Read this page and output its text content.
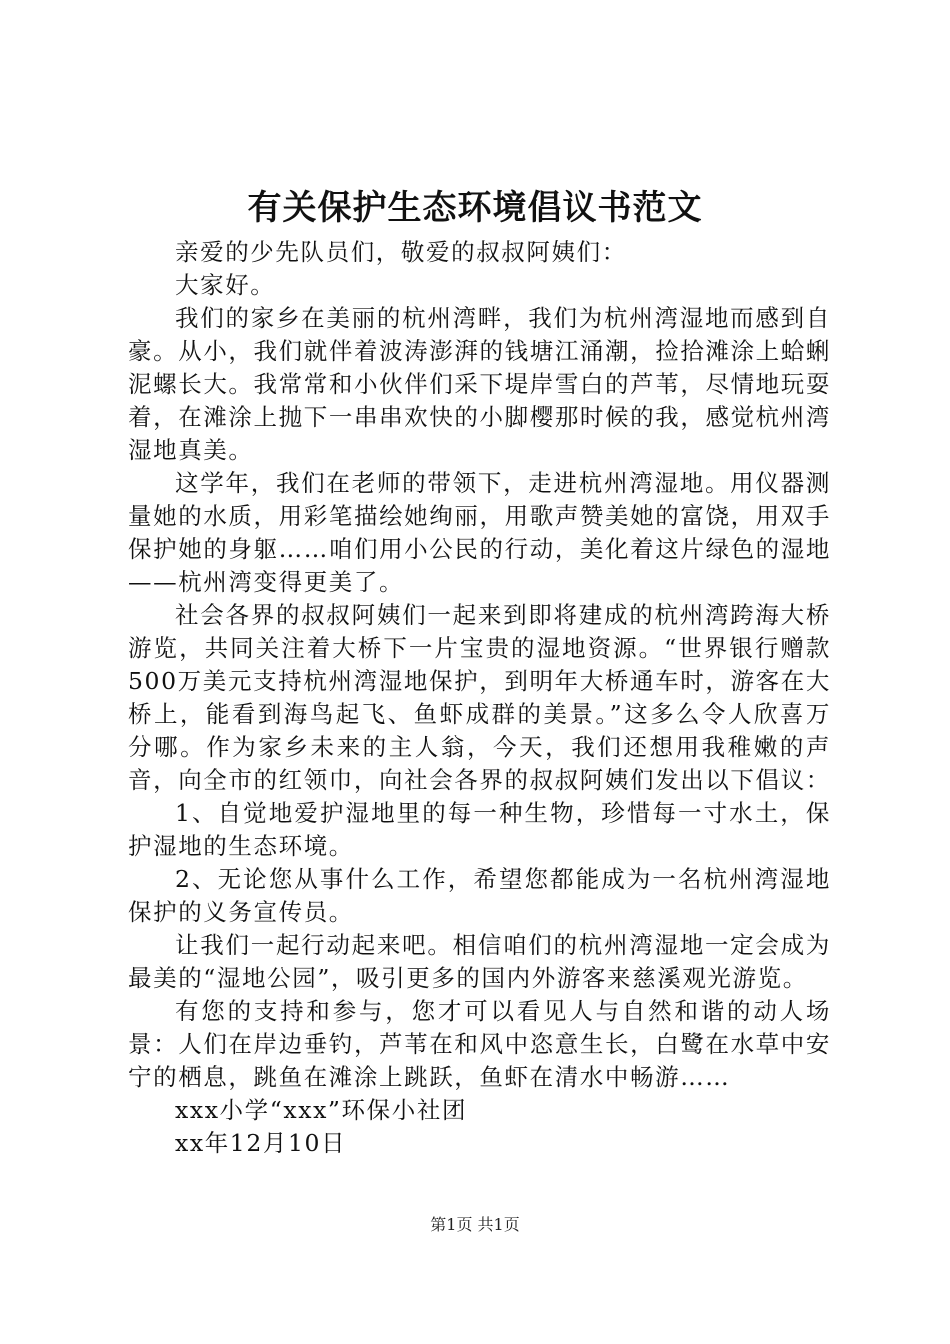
有关保护生态环境倡议书范文

亲爱的少先队员们，敬爱的叔叔阿姨们：

大家好。

我们的家乡在美丽的杭州湾畔，我们为杭州湾湿地而感到自豪。从小，我们就伴着波涛澎湃的钱塘江涌潮，捡拾滩涂上蛤蜊泥螺长大。我常常和小伙伴们采下堤岸雪白的芦苇，尽情地玩耍着，在滩涂上抛下一串串欢快的小脚樱那时候的我，感觉杭州湾湿地真美。

这学年，我们在老师的带领下，走进杭州湾湿地。用仪器测量她的水质，用彩笔描绘她绚丽，用歌声赞美她的富饶，用双手保护她的身躯……咱们用小公民的行动，美化着这片绿色的湿地——杭州湾变得更美了。

社会各界的叔叔阿姨们一起来到即将建成的杭州湾跨海大桥游览，共同关注着大桥下一片宝贵的湿地资源。“世界银行赠款500万美元支持杭州湾湿地保护，到明年大桥通车时，游客在大桥上，能看到海鸟起飞、鱼虾成群的美景。”这多么令人欣喜万分哪。作为家乡未来的主人翁，今天，我们还想用我稚嫩的声音，向全市的红领巾，向社会各界的叔叔阿姨们发出以下倡议：

1、自觉地爱护湿地里的每一种生物，珍惜每一寸水土，保护湿地的生态环境。

2、无论您从事什么工作，希望您都能成为一名杭州湾湿地保护的义务宣传员。

让我们一起行动起来吧。相信咱们的杭州湾湿地一定会成为最美的“湿地公园”，吸引更多的国内外游客来慈溪观光游览。

有您的支持和参与，您才可以看见人与自然和谐的动人场景：人们在岸边垂钓，芦苇在和风中恣意生长，白鹭在水草中安宁的栖息，跳鱼在滩涂上跳跃，鱼虾在清水中畅游……

xxx小学“xxx”环保小社团

xx年12月10日

第1页 共1页
